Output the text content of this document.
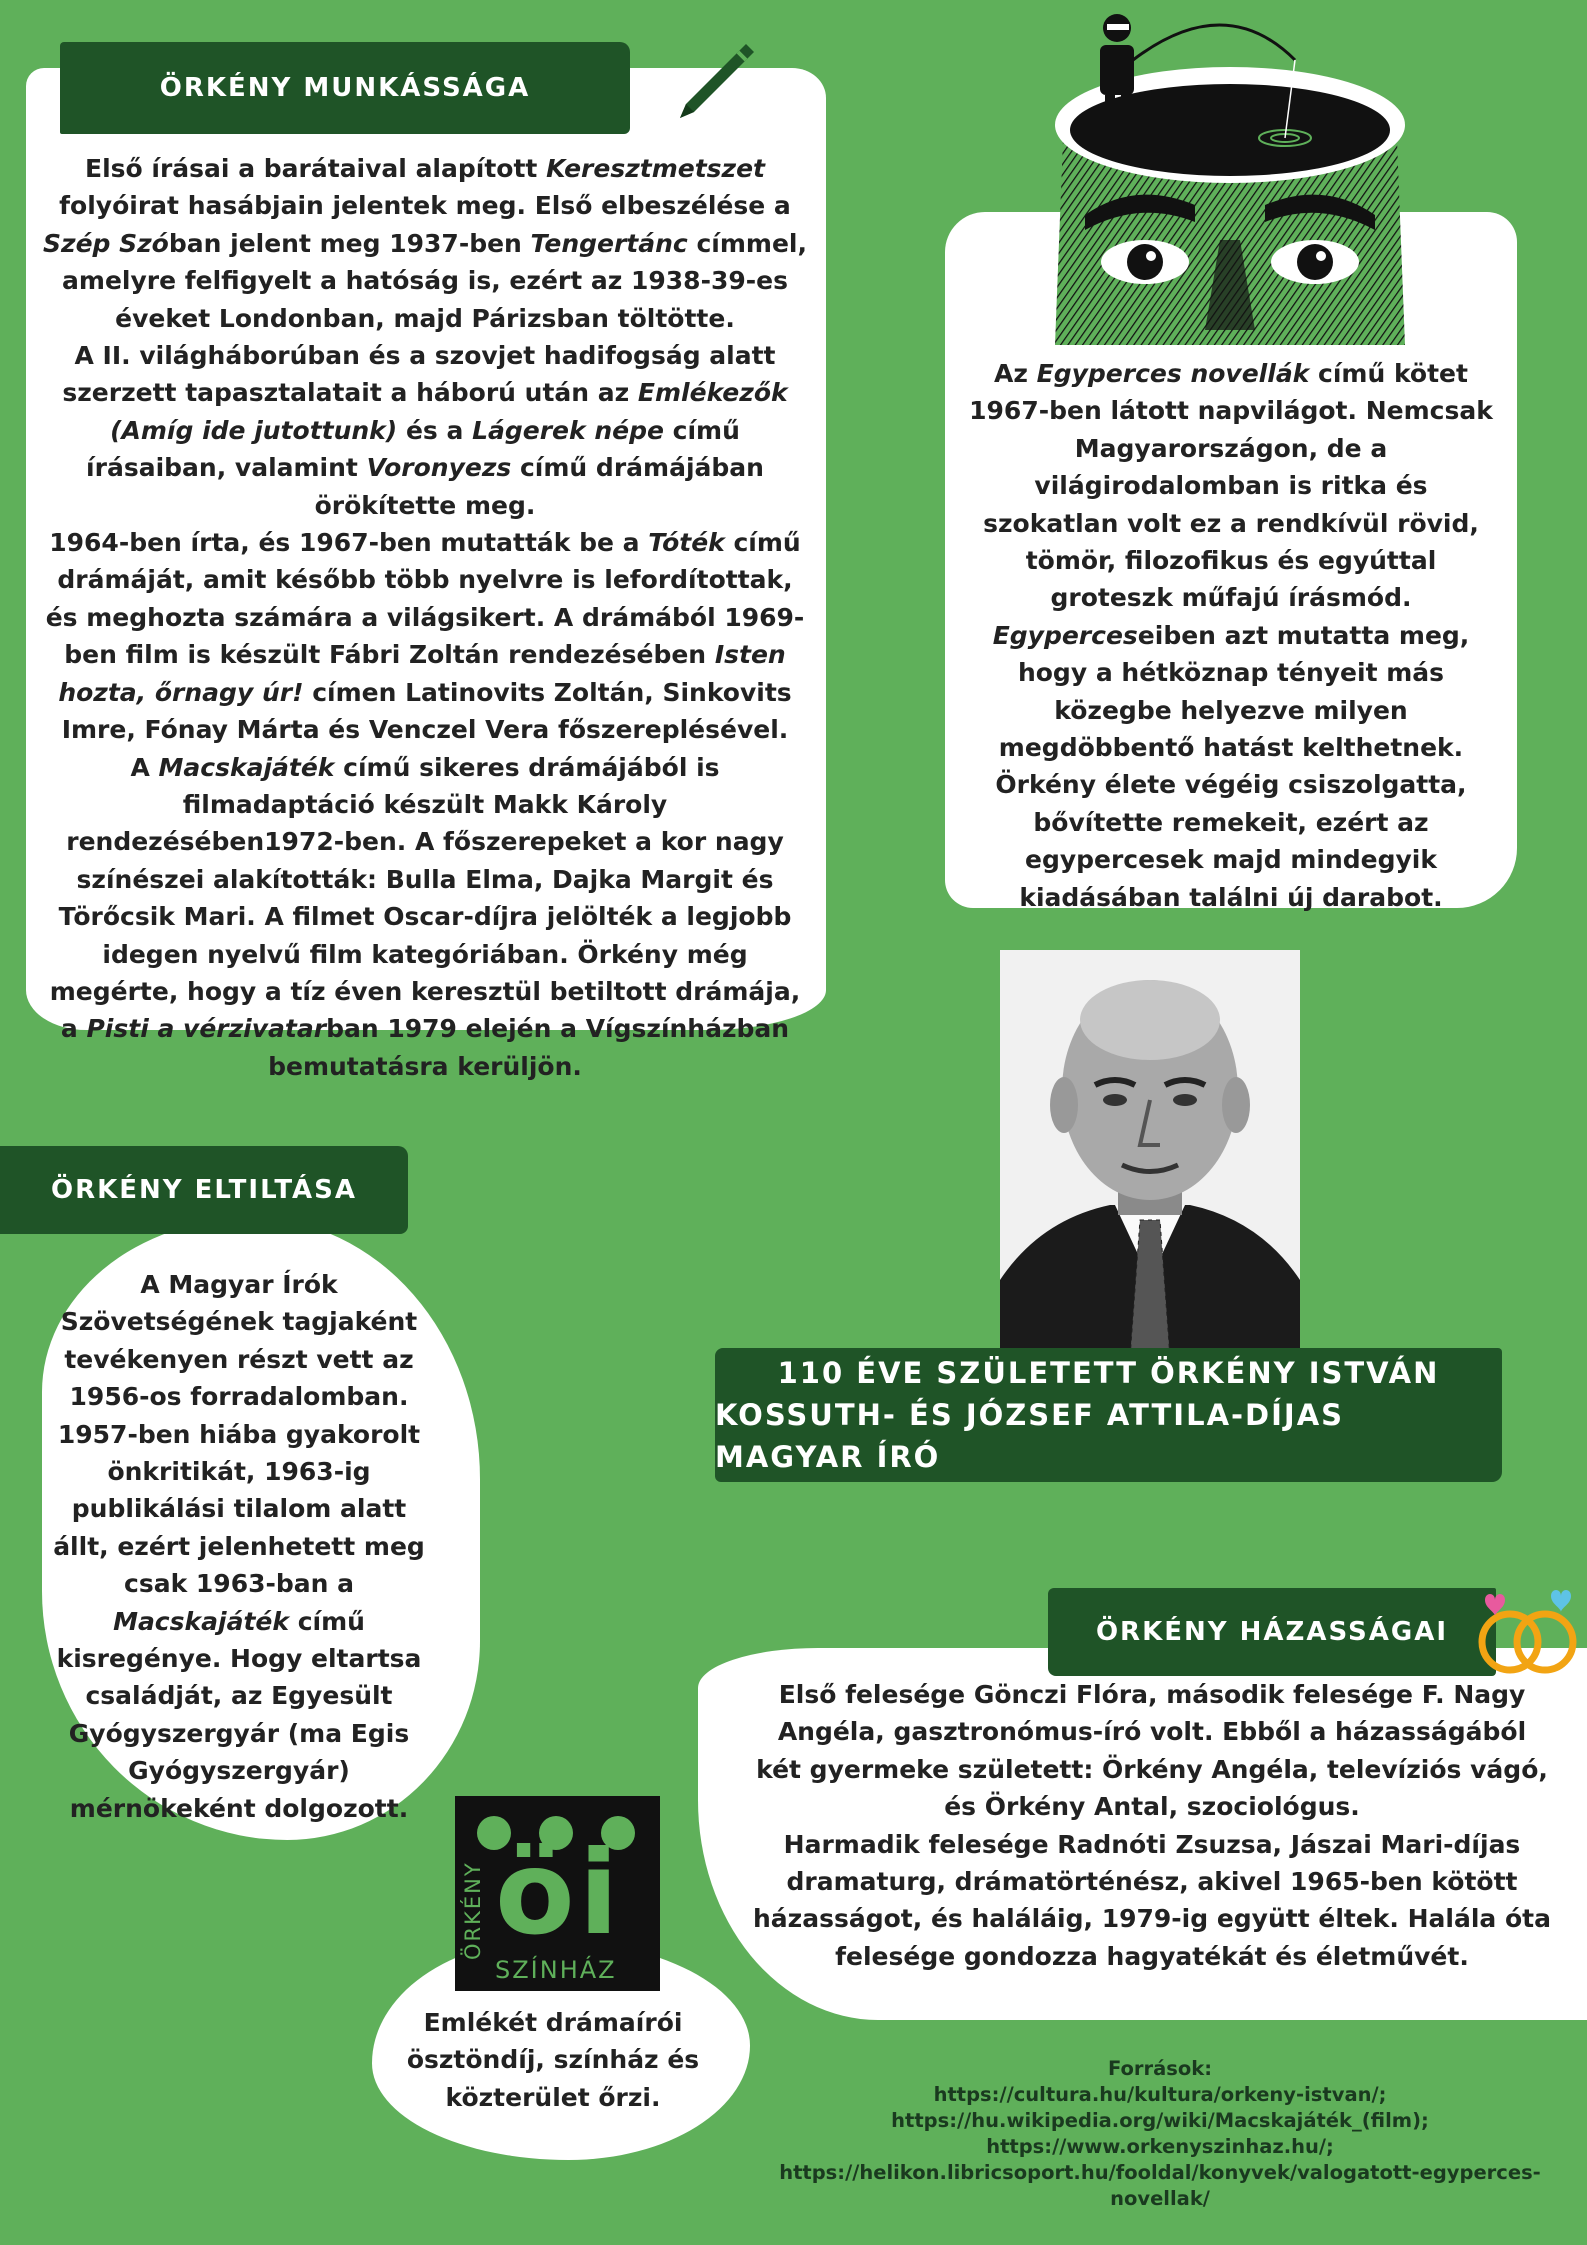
ÖRKÉNY MUNKÁSSÁGA

Első írásai a barátaival alapított Keresztmetszet folyóirat hasábjain jelentek meg. Első elbeszélése a Szép Szóban jelent meg 1937-ben Tengertánc címmel, amelyre felfigyelt a hatóság is, ezért az 1938-39-es éveket Londonban, majd Párizsban töltötte.

A II. világháborúban és a szovjet hadifogság alatt szerzett tapasztalatait a háború után az Emlékezők (Amíg ide jutottunk) és a Lágerek népe című írásaiban, valamint Voronyezs című drámájában örökítette meg.

1964-ben írta, és 1967-ben mutatták be a Tóték című drámáját, amit később több nyelvre is lefordítottak, és meghozta számára a világsikert. A drámából 1969-ben film is készült Fábri Zoltán rendezésében Isten hozta, őrnagy úr! címen Latinovits Zoltán, Sinkovits Imre, Fónay Márta és Venczel Vera főszereplésével.

A Macskajáték című sikeres drámájából is filmadaptáció készült Makk Károly rendezésében1972-ben. A főszerepeket a kor nagy színészei alakították: Bulla Elma, Dajka Margit és Törőcsik Mari. A filmet Oscar-díjra jelölték a legjobb idegen nyelvű film kategóriában. Örkény még megérte, hogy a tíz éven keresztül betiltott drámája, a Pisti a vérzivatarban 1979 elején a Vígszínházban bemutatásra kerüljön.

Az Egyperces novellák című kötet 1967-ben látott napvilágot. Nemcsak Magyarországon, de a világirodalomban is ritka és szokatlan volt ez a rendkívül rövid, tömör, filozofikus és egyúttal groteszk műfajú írásmód.

Egyperceseiben azt mutatta meg, hogy a hétköznap tényeit más közegbe helyezve milyen megdöbbentő hatást kelthetnek. Örkény élete végéig csiszolgatta, bővítette remekeit, ezért az egypercesek majd mindegyik kiadásában találni új darabot.

110 ÉVE SZÜLETETT ÖRKÉNY ISTVÁN
KOSSUTH- ÉS JÓZSEF ATTILA-DÍJAS MAGYAR ÍRÓ
ÖRKÉNY ELTILTÁSA

A Magyar Írók Szövetségének tagjaként tevékenyen részt vett az 1956-os forradalomban. 1957-ben hiába gyakorolt önkritikát, 1963-ig publikálási tilalom alatt állt, ezért jelenhetett meg csak 1963-ban a Macskajáték című kisregénye. Hogy eltartsa családját, az Egyesült Gyógyszergyár (ma Egis Gyógyszergyár) mérnökeként dolgozott.

ÖRKÉNY HÁZASSÁGAI

Első felesége Gönczi Flóra, második felesége F. Nagy Angéla, gasztronómus-író volt. Ebből a házasságából két gyermeke született: Örkény Angéla, televíziós vágó, és Örkény Antal, szociológus.

Harmadik felesége Radnóti Zsuzsa, Jászai Mari-díjas dramaturg, drámatörténész, akivel 1965-ben kötött házasságot, és haláláig, 1979-ig együtt éltek. Halála óta felesége gondozza hagyatékát és életművét.

öi
ÖRKÉNY
SZÍNHÁZ

Emlékét drámaírói ösztöndíj, színház és közterület őrzi.

Források:
https://cultura.hu/kultura/orkeny-istvan/;
https://hu.wikipedia.org/wiki/Macskajáték_(film);
https://www.orkenyszinhaz.hu/;
https://helikon.libricsoport.hu/fooldal/konyvek/valogatott-egyperces-novellak/
